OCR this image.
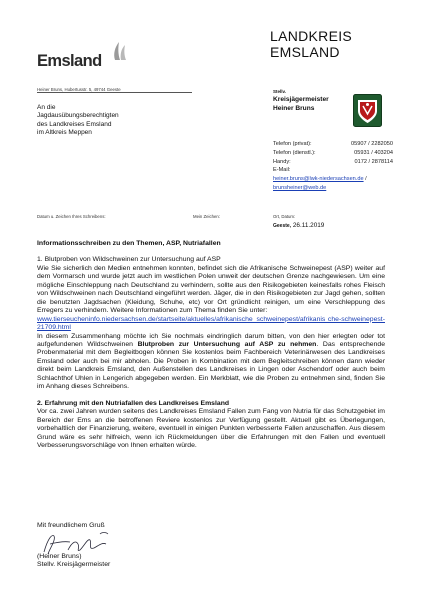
Emsland
LANDKREIS
EMSLAND
Heiner Bruns, Hubertusstr. 5, 49744 Geeste
An die
Jagdausübungsberechtigten
des Landkreises Emsland
im Altkreis Meppen
Stellv.
Kreisjägermeister
Heiner Bruns
Telefon (privat):	05907 / 2282050
Telefon (dienstl.):	05931 / 403204
Handy:	0172 / 2878114
E-Mail:
heiner.bruns@lwk-niedersachsen.de /
brunsheiner@web.de
Datum u. Zeichen Ihres Schreibens:	Mein Zeichen:	Ort, Datum:
Geeste, 26.11.2019

Informationsschreiben zu den Themen, ASP, Nutriafallen

1. Blutproben von Wildschweinen zur Untersuchung auf ASP

Wie Sie sicherlich den Medien entnehmen konnten, befindet sich die Afrikanische Schweinepest (ASP) weiter auf dem Vormarsch und wurde jetzt auch im westlichen Polen unweit der deutschen Grenze nachgewiesen. Um eine mögliche Einschleppung nach Deutschland zu verhindern, sollte aus den Risikogebieten keinesfalls rohes Fleisch von Wildschweinen nach Deutschland eingeführt werden. Jäger, die in den Risikogebieten zur Jagd gehen, sollten die benutzten Jagdsachen (Kleidung, Schuhe, etc) vor Ort gründlicht reinigen, um eine Verschleppung des Erregers zu verhindern. Weitere Informationen zum Thema finden Sie unter:

www.tierseucheninfo.niedersachsen.de/startseite/aktuelles/afrikanische_schweinepest/afrikanis che-schweinepest-21709.html

In diesem Zusammenhang möchte ich Sie nochmals eindringlich darum bitten, von den hier erlegten oder tot aufgefundenen Wildschweinen Blutproben zur Untersuchung auf ASP zu nehmen. Das entsprechende Probenmaterial mit dem Begleitbogen können Sie kostenlos beim Fachbereich Veterinärwesen des Landkreises Emsland oder auch bei mir abholen. Die Proben in Kombination mit dem Begleitschreiben können dann wieder direkt beim Landkreis Emsland, den Außenstellen des Landkreises in Lingen oder Aschendorf oder auch beim Schlachthof Uhlen in Lengerich abgegeben werden. Ein Merkblatt, wie die Proben zu entnehmen sind, finden Sie im Anhang dieses Schreibens.

2. Erfahrung mit den Nutriafallen des Landkreises Emsland

Vor ca. zwei Jahren wurden seitens des Landkreises Emsland Fallen zum Fang von Nutria für das Schutzgebiet im Bereich der Ems an die betroffenen Reviere kostenlos zur Verfügung gestellt. Aktuell gibt es Überlegungen, vorbehaltlich der Finanzierung, weitere, eventuell in einigen Punkten verbesserte Fallen anzuschaffen. Aus diesem Grund wäre es sehr hilfreich, wenn ich Rückmeldungen über die Erfahrungen mit den Fallen und eventuell Verbesserungsvorschläge von Ihnen erhalten würde.

Mit freundlichem Gruß
(Heiner Bruns)
Stellv. Kreisjägermeister
